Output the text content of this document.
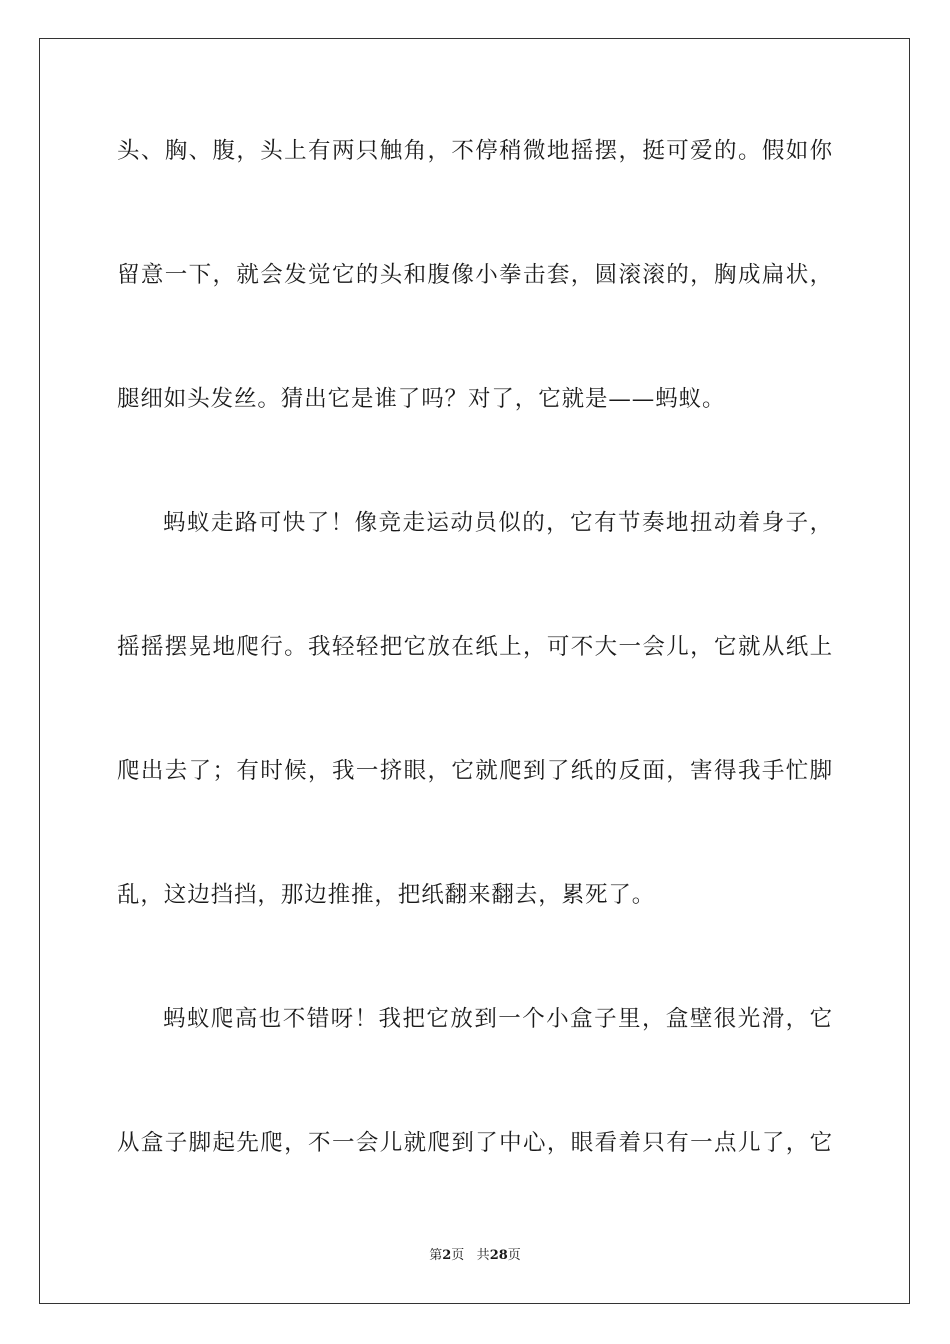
头、胸、腹，头上有两只触角，不停稍微地摇摆，挺可爱的。假如你
留意一下，就会发觉它的头和腹像小拳击套，圆滚滚的，胸成扁状，
腿细如头发丝。猜出它是谁了吗？对了，它就是——蚂蚁。
蚂蚁走路可快了！像竞走运动员似的，它有节奏地扭动着身子，
摇摇摆晃地爬行。我轻轻把它放在纸上，可不大一会儿，它就从纸上
爬出去了；有时候，我一挤眼，它就爬到了纸的反面，害得我手忙脚
乱，这边挡挡，那边推推，把纸翻来翻去，累死了。
蚂蚁爬高也不错呀！我把它放到一个小盒子里，盒壁很光滑，它
从盒子脚起先爬，不一会儿就爬到了中心，眼看着只有一点儿了，它
第2页 共28页
